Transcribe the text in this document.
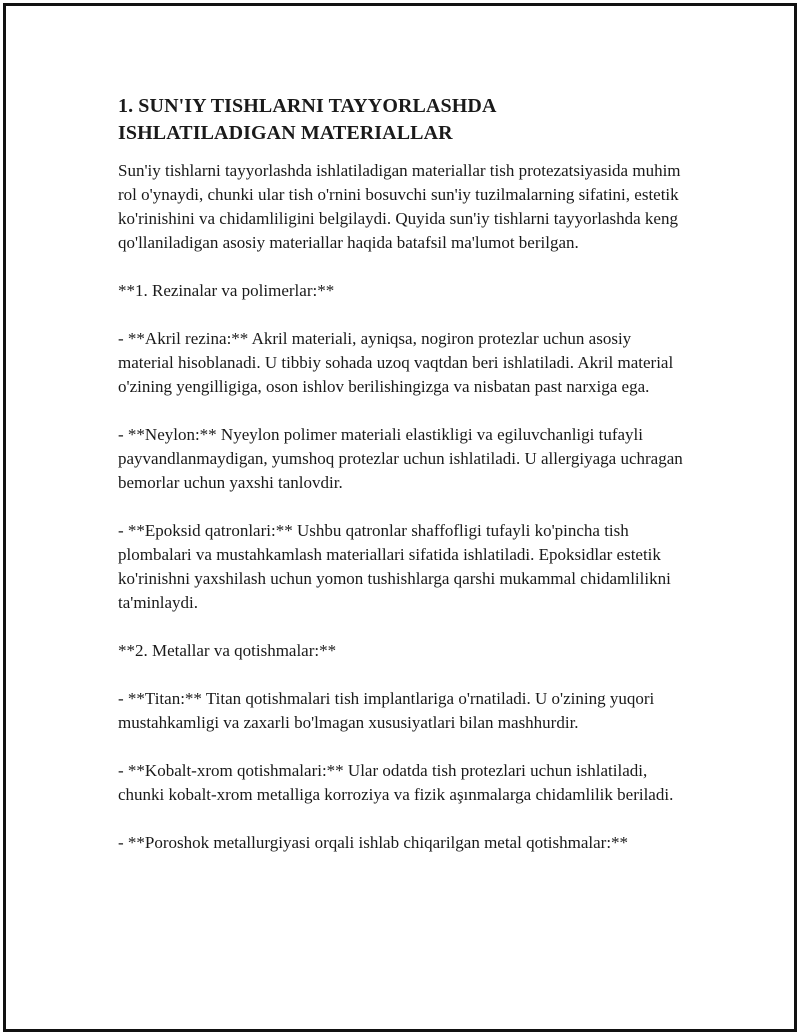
1. SUN'IY TISHLARNI TAYYORLASHDA
ISHLATILADIGAN MATERIALLAR

Sun'iy tishlarni tayyorlashda ishlatiladigan materiallar tish protezatsiyasida muhim rol o'ynaydi, chunki ular tish o'rnini bosuvchi sun'iy tuzilmalarning sifatini, estetik ko'rinishini va chidamliligini belgilaydi. Quyida sun'iy tishlarni tayyorlashda keng qo'llaniladigan asosiy materiallar haqida batafsil ma'lumot berilgan.

**1. Rezinalar va polimerlar:**

- **Akril rezina:** Akril materiali, ayniqsa, nogiron protezlar uchun asosiy material hisoblanadi. U tibbiy sohada uzoq vaqtdan beri ishlatiladi. Akril material o'zining yengilligiga, oson ishlov berilishingizga va nisbatan past narxiga ega.

- **Neylon:** Nyeylon polimer materiali elastikligi va egiluvchanligi tufayli payvandlanmaydigan, yumshoq protezlar uchun ishlatiladi. U allergiyaga uchragan bemorlar uchun yaxshi tanlovdir.

- **Epoksid qatronlari:** Ushbu qatronlar shaffofligi tufayli ko'pincha tish plombalari va mustahkamlash materiallari sifatida ishlatiladi. Epoksidlar estetik ko'rinishni yaxshilash uchun yomon tushishlarga qarshi mukammal chidamlilikni ta'minlaydi.

**2. Metallar va qotishmalar:**

- **Titan:** Titan qotishmalari tish implantlariga o'rnatiladi. U o'zining yuqori mustahkamligi va zaxarli bo'lmagan xususiyatlari bilan mashhurdir.

- **Kobalt-xrom qotishmalari:** Ular odatda tish protezlari uchun ishlatiladi, chunki kobalt-xrom metalliga korroziya va fizik aşınmalarga chidamlilik beriladi.

- **Poroshok metallurgiyasi orqali ishlab chiqarilgan metal qotishmalar:**
